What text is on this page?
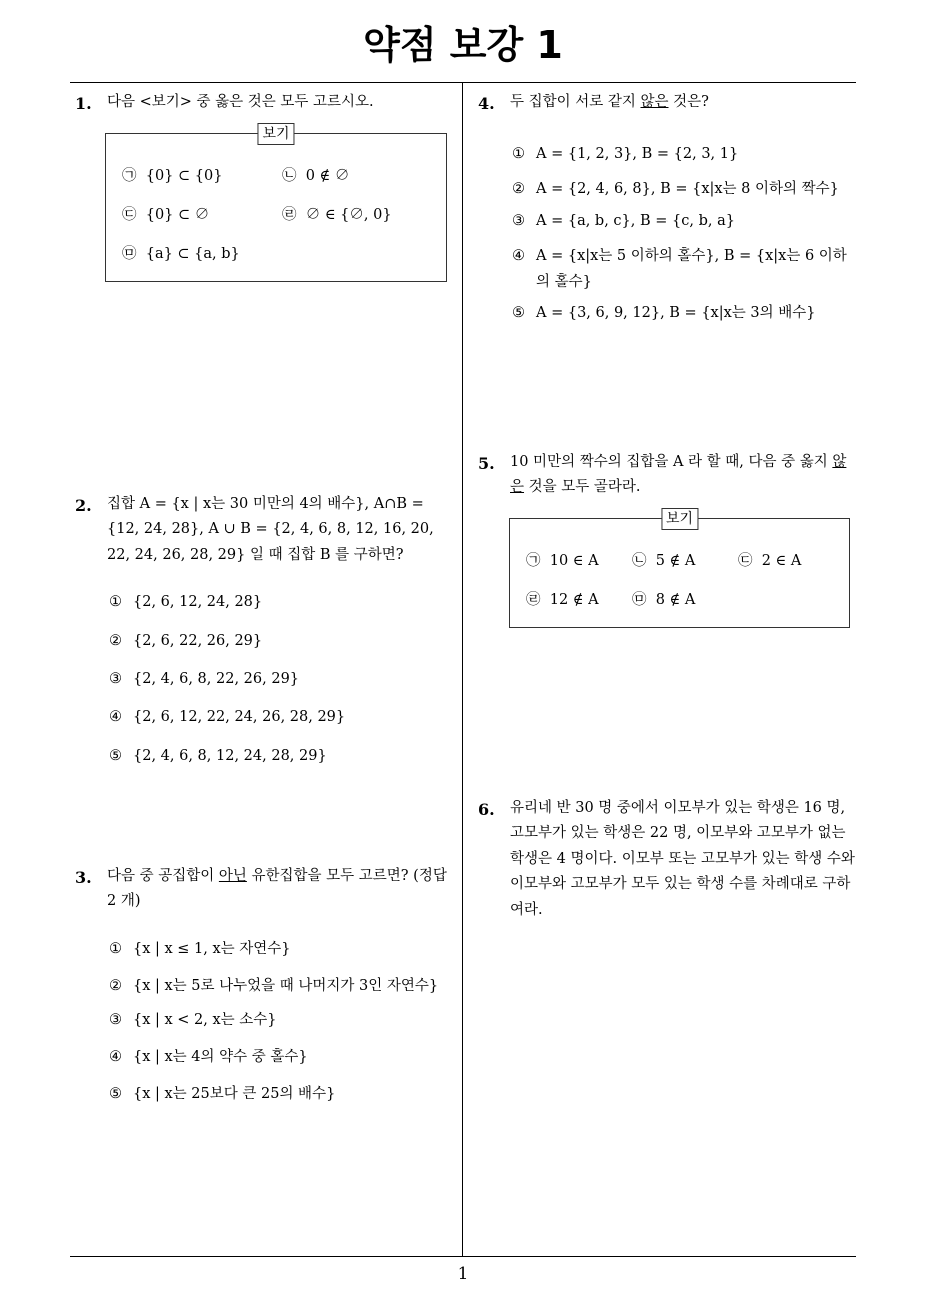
약점 보강 1
1
1.	다음 <보기> 중 옳은 것은 모두 고르시오.
보기
㉠ {0} ⊂ {0}	㉡ 0 ∉ ∅
㉢ {0} ⊂ ∅	㉣ ∅ ∈ {∅, 0}
㉤ {a} ⊂ {a, b}
2.	집합 A = {x | x는 30 미만의 4의 배수}, A∩B = {12, 24, 28}, A ∪ B = {2, 4, 6, 8, 12, 16, 20, 22, 24, 26, 28, 29} 일 때 집합 B 를 구하면?
① {2, 6, 12, 24, 28}
② {2, 6, 22, 26, 29}
③ {2, 4, 6, 8, 22, 26, 29}
④ {2, 6, 12, 22, 24, 26, 28, 29}
⑤ {2, 4, 6, 8, 12, 24, 28, 29}
3.	다음 중 공집합이 아닌 유한집합을 모두 고르면? (정답 2 개)
① {x | x ≤ 1, x는 자연수}
② {x | x는 5로 나누었을 때 나머지가 3인 자연수}
③ {x | x < 2, x는 소수}
④ {x | x는 4의 약수 중 홀수}
⑤ {x | x는 25보다 큰 25의 배수}
4.	두 집합이 서로 같지 않은 것은?
① A = {1, 2, 3}, B = {2, 3, 1}
② A = {2, 4, 6, 8}, B = {x|x는 8 이하의 짝수}
③ A = {a, b, c}, B = {c, b, a}
④ A = {x|x는 5 이하의 홀수}, B = {x|x는 6 이하의 홀수}
⑤ A = {3, 6, 9, 12}, B = {x|x는 3의 배수}
5.	10 미만의 짝수의 집합을 A 라 할 때, 다음 중 옳지 않은 것을 모두 골라라.
보기
㉠ 10 ∈ A ㉡ 5 ∉ A	㉢ 2 ∈ A
㉣ 12 ∉ A ㉤ 8 ∉ A
6.	유리네 반 30 명 중에서 이모부가 있는 학생은 16 명, 고모부가 있는 학생은 22 명, 이모부와 고모부가 없는 학생은 4 명이다. 이모부 또는 고모부가 있는 학생 수와 이모부와 고모부가 모두 있는 학생 수를 차례대로 구하여라.
